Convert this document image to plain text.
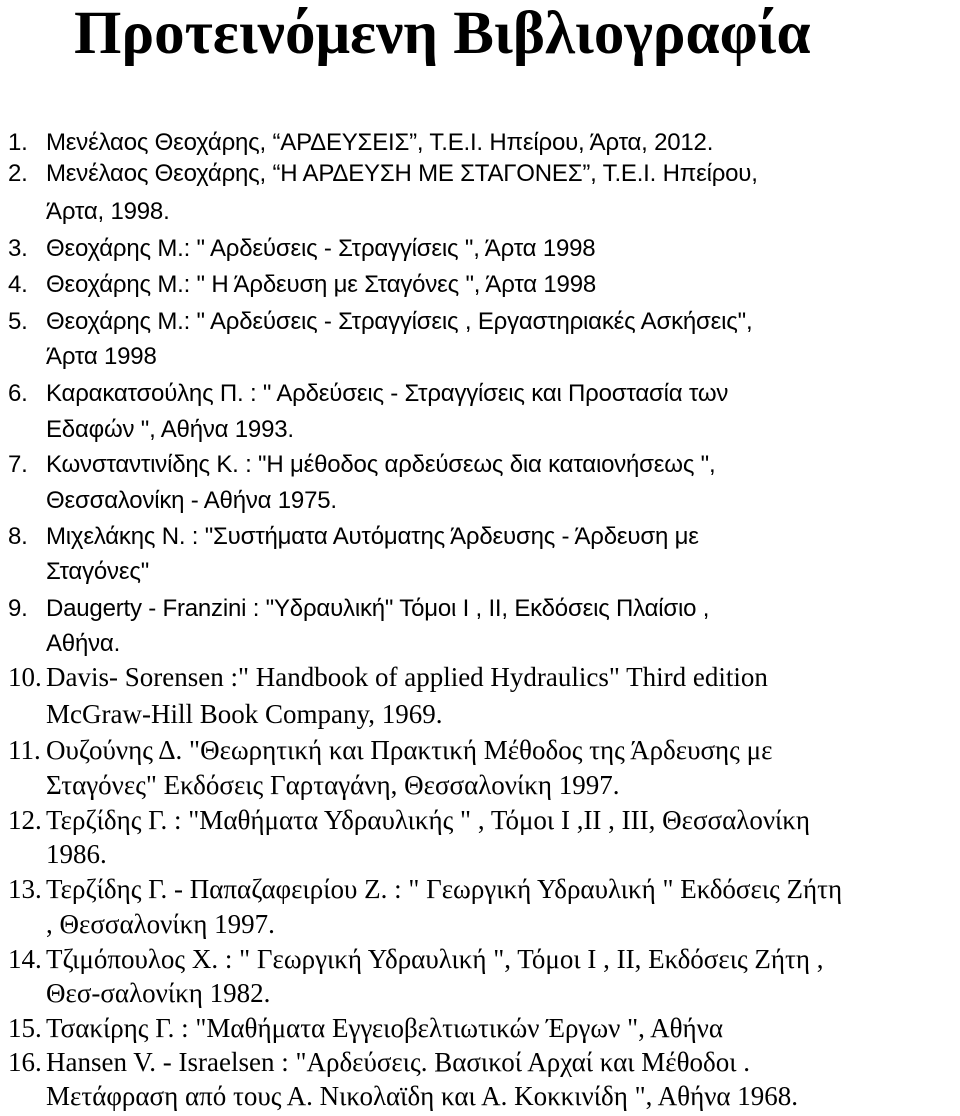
Προτεινόμενη Βιβλιογραφία
1. Μενέλαος Θεοχάρης, “ΑΡΔΕΥΣΕΙΣ”, Τ.Ε.Ι. Ηπείρου, Άρτα, 2012.
2. Μενέλαος Θεοχάρης, “Η ΑΡΔΕΥΣΗ ΜΕ ΣΤΑΓΟΝΕΣ”, Τ.Ε.Ι. Ηπείρου,
Άρτα, 1998.
3. Θεοχάρης Μ.: " Αρδεύσεις - Στραγγίσεις ", Άρτα 1998
4. Θεοχάρης Μ.: " Η Άρδευση με Σταγόνες ", Άρτα 1998
5. Θεοχάρης Μ.: " Αρδεύσεις - Στραγγίσεις , Εργαστηριακές Ασκήσεις",
Άρτα 1998
6. Καρακατσούλης Π. : " Αρδεύσεις - Στραγγίσεις και Προστασία των
Εδαφών ", Αθήνα 1993.
7. Κωνσταντινίδης Κ. : "Η μέθοδος αρδεύσεως δια καταιονήσεως ",
Θεσσαλονίκη - Αθήνα 1975.
8. Μιχελάκης Ν. : "Συστήματα Αυτόματης Άρδευσης - Άρδευση με
Σταγόνες"
9. Daugerty - Franzini : "Υδραυλική" Τόμοι Ι , ΙΙ, Εκδόσεις Πλαίσιο ,
Αθήνα.
10. Davis- Sorensen :" Handbook of applied Hydraulics" Third edition
McGraw-Hill Book Company, 1969.
11. Ουζούνης Δ. "Θεωρητική και Πρακτική Μέθοδος της Άρδευσης με
Σταγόνες" Εκδόσεις Γαρταγάνη, Θεσσαλονίκη 1997.
12. Τερζίδης Γ. : "Μαθήματα Υδραυλικής " , Τόμοι Ι ,ΙΙ , ΙΙΙ, Θεσσαλονίκη
1986.
13. Τερζίδης Γ. - Παπαζαφειρίου Ζ. : " Γεωργική Υδραυλική " Εκδόσεις Ζήτη
, Θεσσαλονίκη 1997.
14. Τζιμόπουλος Χ. : " Γεωργική Υδραυλική ", Τόμοι Ι , ΙΙ, Εκδόσεις Ζήτη ,
Θεσ-σαλονίκη 1982.
15. Τσακίρης Γ. : "Μαθήματα Εγγειοβελτιωτικών Έργων ", Αθήνα
16. Hansen V. - Israelsen : "Αρδεύσεις. Βασικοί Αρχαί και Μέθοδοι .
Μετάφραση από τους Α. Νικολαϊδη και Α. Κοκκινίδη ", Αθήνα 1968.
